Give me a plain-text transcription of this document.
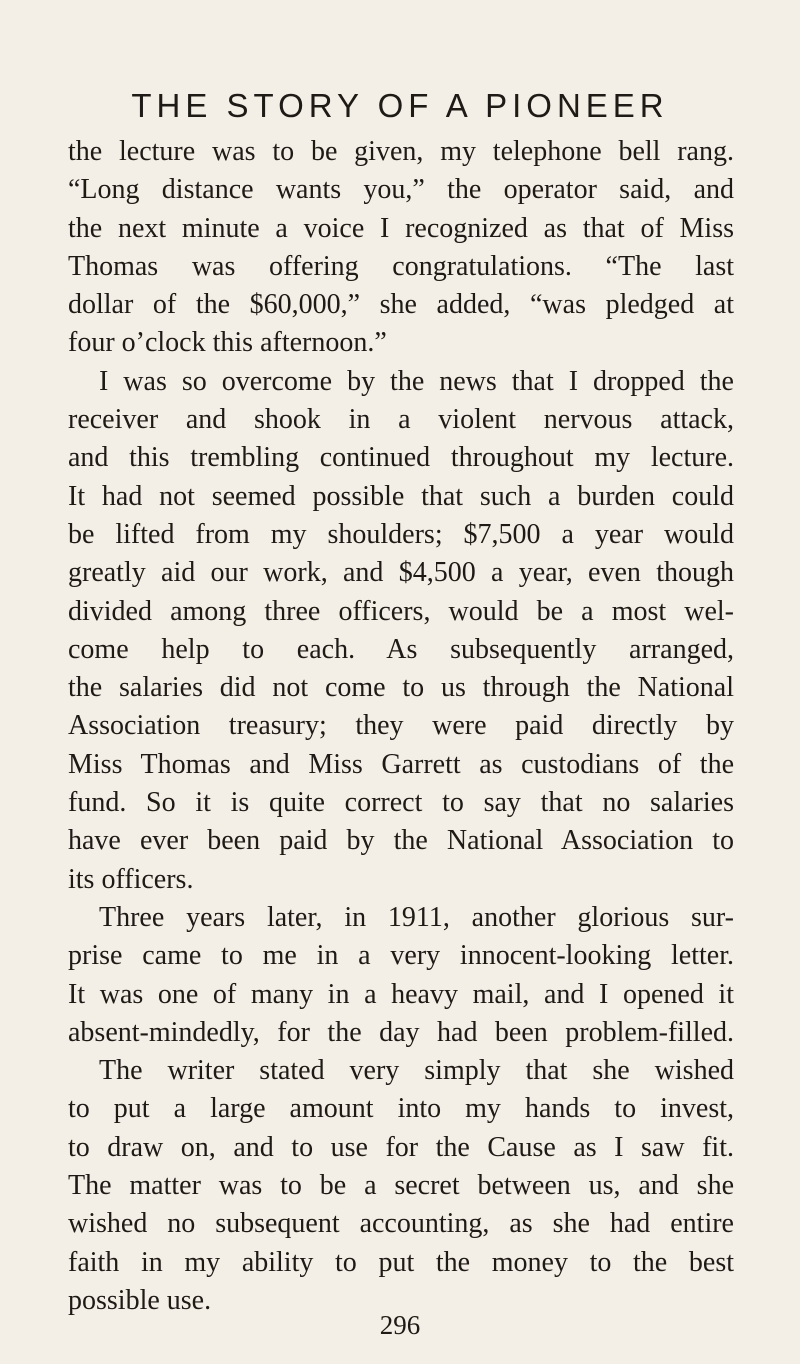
THE STORY OF A PIONEER
the lecture was to be given, my telephone bell rang.
“Long distance wants you,” the operator said, and
the next minute a voice I recognized as that of Miss
Thomas was offering congratulations. “The last
dollar of the $60,000,” she added, “was pledged at
four o’clock this afternoon.”
I was so overcome by the news that I dropped the
receiver and shook in a violent nervous attack,
and this trembling continued throughout my lecture.
It had not seemed possible that such a burden could
be lifted from my shoulders; $7,500 a year would
greatly aid our work, and $4,500 a year, even though
divided among three officers, would be a most wel-
come help to each. As subsequently arranged,
the salaries did not come to us through the National
Association treasury; they were paid directly by
Miss Thomas and Miss Garrett as custodians of the
fund. So it is quite correct to say that no salaries
have ever been paid by the National Association to
its officers.
Three years later, in 1911, another glorious sur-
prise came to me in a very innocent-looking letter.
It was one of many in a heavy mail, and I opened it
absent-mindedly, for the day had been problem-filled.
The writer stated very simply that she wished
to put a large amount into my hands to invest,
to draw on, and to use for the Cause as I saw fit.
The matter was to be a secret between us, and she
wished no subsequent accounting, as she had entire
faith in my ability to put the money to the best
possible use.
296
